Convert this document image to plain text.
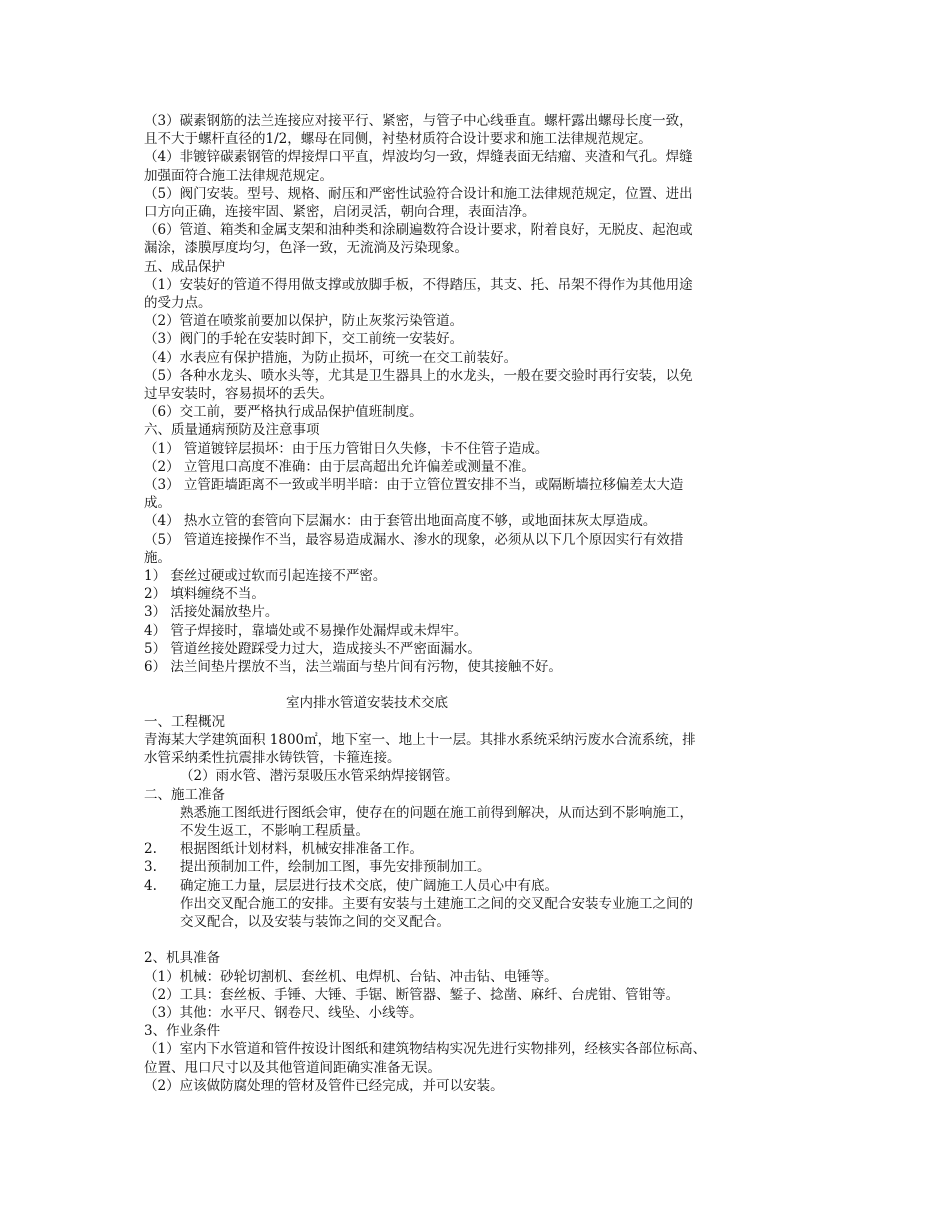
（3）碳素钢筋的法兰连接应对接平行、紧密，与管子中心线垂直。螺杆露出螺母长度一致，

且不大于螺杆直径的1/2，螺母在同侧，衬垫材质符合设计要求和施工法律规范规定。

（4）非镀锌碳素钢管的焊接焊口平直，焊波均匀一致，焊缝表面无结瘤、夹渣和气孔。焊缝

加强面符合施工法律规范规定。

（5）阀门安装。型号、规格、耐压和严密性试验符合设计和施工法律规范规定，位置、进出

口方向正确，连接牢固、紧密，启闭灵活，朝向合理，表面洁净。

（6）管道、箱类和金属支架和油种类和涂刷遍数符合设计要求，附着良好，无脱皮、起泡或

漏涂，漆膜厚度均匀，色泽一致，无流淌及污染现象。

五、成品保护

（1）安装好的管道不得用做支撑或放脚手板，不得踏压，其支、托、吊架不得作为其他用途

的受力点。

（2）管道在喷浆前要加以保护，防止灰浆污染管道。

（3）阀门的手轮在安装时卸下，交工前统一安装好。

（4）水表应有保护措施，为防止损坏，可统一在交工前装好。

（5）各种水龙头、喷水头等，尤其是卫生器具上的水龙头，一般在要交验时再行安装，以免

过早安装时，容易损坏的丢失。

（6）交工前，要严格执行成品保护值班制度。

六、质量通病预防及注意事项

（1） 管道镀锌层损坏：由于压力管钳日久失修，卡不住管子造成。

（2） 立管甩口高度不准确：由于层高超出允许偏差或测量不准。

（3） 立管距墙距离不一致或半明半暗：由于立管位置安排不当，或隔断墙拉移偏差太大造

成。

（4） 热水立管的套管向下层漏水：由于套管出地面高度不够，或地面抹灰太厚造成。

（5） 管道连接操作不当，最容易造成漏水、渗水的现象，必须从以下几个原因实行有效措

施。

1） 套丝过硬或过软而引起连接不严密。

2） 填料缠绕不当。

3） 活接处漏放垫片。

4） 管子焊接时，靠墙处或不易操作处漏焊或未焊牢。

5） 管道丝接处蹬踩受力过大，造成接头不严密面漏水。

6） 法兰间垫片摆放不当，法兰端面与垫片间有污物，使其接触不好。

室内排水管道安装技术交底

一、工程概况

青海某大学建筑面积 1800㎡，地下室一、地上十一层。其排水系统采纳污废水合流系统，排

水管采纳柔性抗震排水铸铁管，卡箍连接。

（2）雨水管、潜污泵吸压水管采纳焊接钢管。

二、施工准备

熟悉施工图纸进行图纸会审，使存在的问题在施工前得到解决，从而达到不影响施工，

不发生返工，不影响工程质量。

2. 根据图纸计划材料，机械安排准备工作。

3. 提出预制加工件，绘制加工图，事先安排预制加工。

4. 确定施工力量，层层进行技术交底，使广阔施工人员心中有底。

作出交叉配合施工的安排。主要有安装与土建施工之间的交叉配合安装专业施工之间的

交叉配合，以及安装与装饰之间的交叉配合。

2、机具准备

（1）机械：砂轮切割机、套丝机、电焊机、台钻、冲击钻、电锤等。

（2）工具：套丝板、手锤、大锤、手锯、断管器、錾子、捻凿、麻纤、台虎钳、管钳等。

（3）其他：水平尺、钢卷尺、线坠、小线等。

3、作业条件

（1）室内下水管道和管件按设计图纸和建筑物结构实况先进行实物排列，经核实各部位标高、

位置、甩口尺寸以及其他管道间距确实准备无误。

（2）应该做防腐处理的管材及管件已经完成，并可以安装。
